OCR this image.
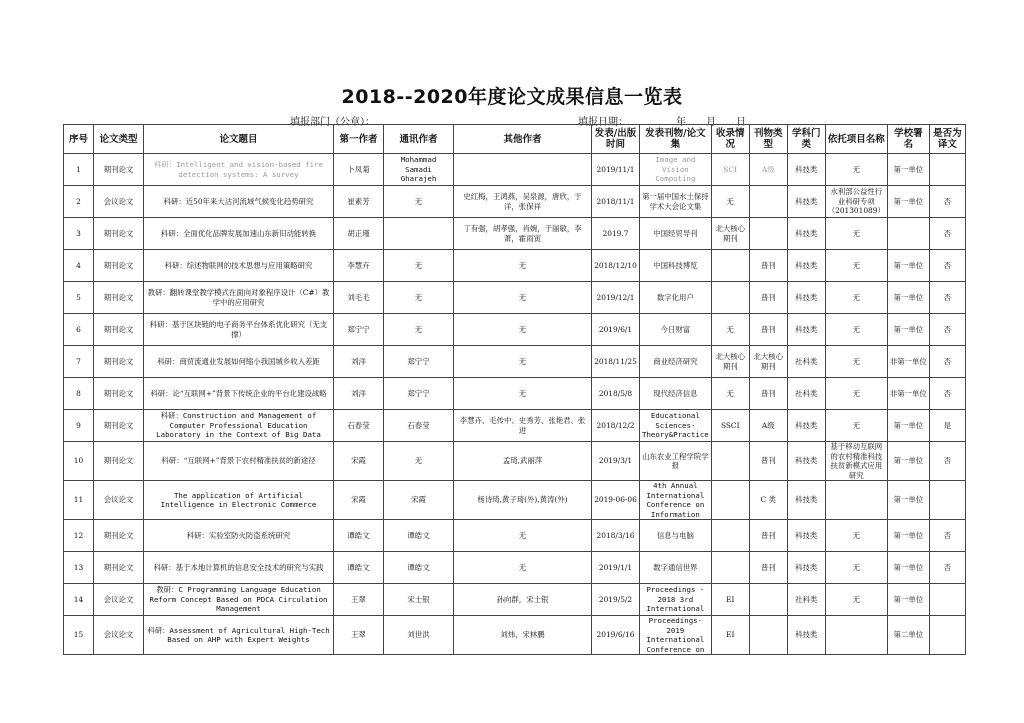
2018--2020年度论文成果信息一览表
填报部门（公章）：	填报日期：	年 月 日
序号	论文类型	论文题目	第一作者	通讯作者	其他作者	发表/出版时间	发表刊物/论文集	收录情况	刊物类型	学科门类	依托项目名称	学校署名	是否为译文
1	期刊论文	科研：Intelligent and vision-based fire detection systems: A survey	卜凤菊	Mohammad Samadi Gharajeh		2019/11/1	Image and Vision Computing	SCI	A级	科技类	无	第一单位	
2	会议论文	科研：近50年来大沽河流域气候变化趋势研究	崔素芳	无	史红梅，王鸿燕，吴泉源，唐欣，于洋，张保祥	2018/11/1	第一届中国水土保持学术大会论文集	无		科技类	水利部公益性行业科研专项（201301089）	第一单位	否
3	期刊论文	科研：全面优化品牌发展加速山东新旧动能转换	胡正瑾		丁有强，胡孝强，肖婉，于丽敏，李萧，霍雨寅	2019.7	中国经贸导刊	北大核心期刊		科技类	无		否
4	期刊论文	科研：综述物联网的技术思想与应用策略研究	李慧卉	无	无	2018/12/10	中国科技博览		普刊	科技类	无	第一单位	否
5	期刊论文	教研：翻转课堂教学模式在面向对象程序设计（C#）教学中的应用研究	刘毛毛	无	无	2019/12/1	数字化用户		普刊	科技类	无	第一单位	否
6	期刊论文	科研：基于区块链的电子商务平台体系优化研究（无支撑）	郑宁宁	无	无	2019/6/1	今日财富	无	普刊	科技类	无	第一单位	否
7	期刊论文	科研：商贸流通业发展如何缩小我国城乡收入差距	刘洋	郑宁宁	无	2018/11/25	商业经济研究	北大核心期刊	北大核心期刊	社科类	无	非第一单位	否
8	期刊论文	科研：论“互联网+”背景下传统企业的平台化建设战略	刘洋	郑宁宁	无	2018/5/8	现代经济信息	无	普刊	社科类	无	非第一单位	否
9	期刊论文	科研：Construction and Management of Computer Professional Education Laboratory in the Context of Big Data	石春莹	石春莹	李慧卉、毛传中、史秀芳、张艳君、张进	2018/12/2	Educational Sciences-Theory&Practice	SSCI	A级	科技类	无	第一单位	是
10	期刊论文	科研：“互联网+”背景下农村精准扶贫的新途径	宋霞	无	孟琦,武丽萍	2019/3/1	山东农业工程学院学报		普刊	科技类	基于移动互联网的农村精准科技扶贫新模式应用研究	第一单位	否
11	会议论文	The application of Artificial Intelligence in Electronic Commerce	宋霞	宋霞	杨诗琦,黄子琦(外),黄涛(外)	2019-06-06	4th Annual International Conference on Information		C 类	科技类		第一单位	
12	期刊论文	科研：实验室防火防盗系统研究	谭皓文	谭皓文	无	2018/3/16	信息与电脑		普刊	科技类	无	第一单位	否
13	期刊论文	科研：基于本地计算机的信息安全技术的研究与实践	谭皓文	谭皓文	无	2019/1/1	数字通信世界		普刊	科技类	无	第一单位	否
14	会议论文	教研：C Programming Language Education Reform Concept Based on PDCA Circulation Management	王翠	宋士银	孙向群，宋士银	2019/5/2	Proceedings - 2018 3rd International	EI		社科类	无	第一单位	
15	会议论文	科研：Assessment of Agricultural High-Tech Based on AHP with Expert Weights	王翠	刘世洪	刘炜，宋林鹏	2019/6/16	Proceedings- 2019 International Conference on	EI		科技类		第二单位	
